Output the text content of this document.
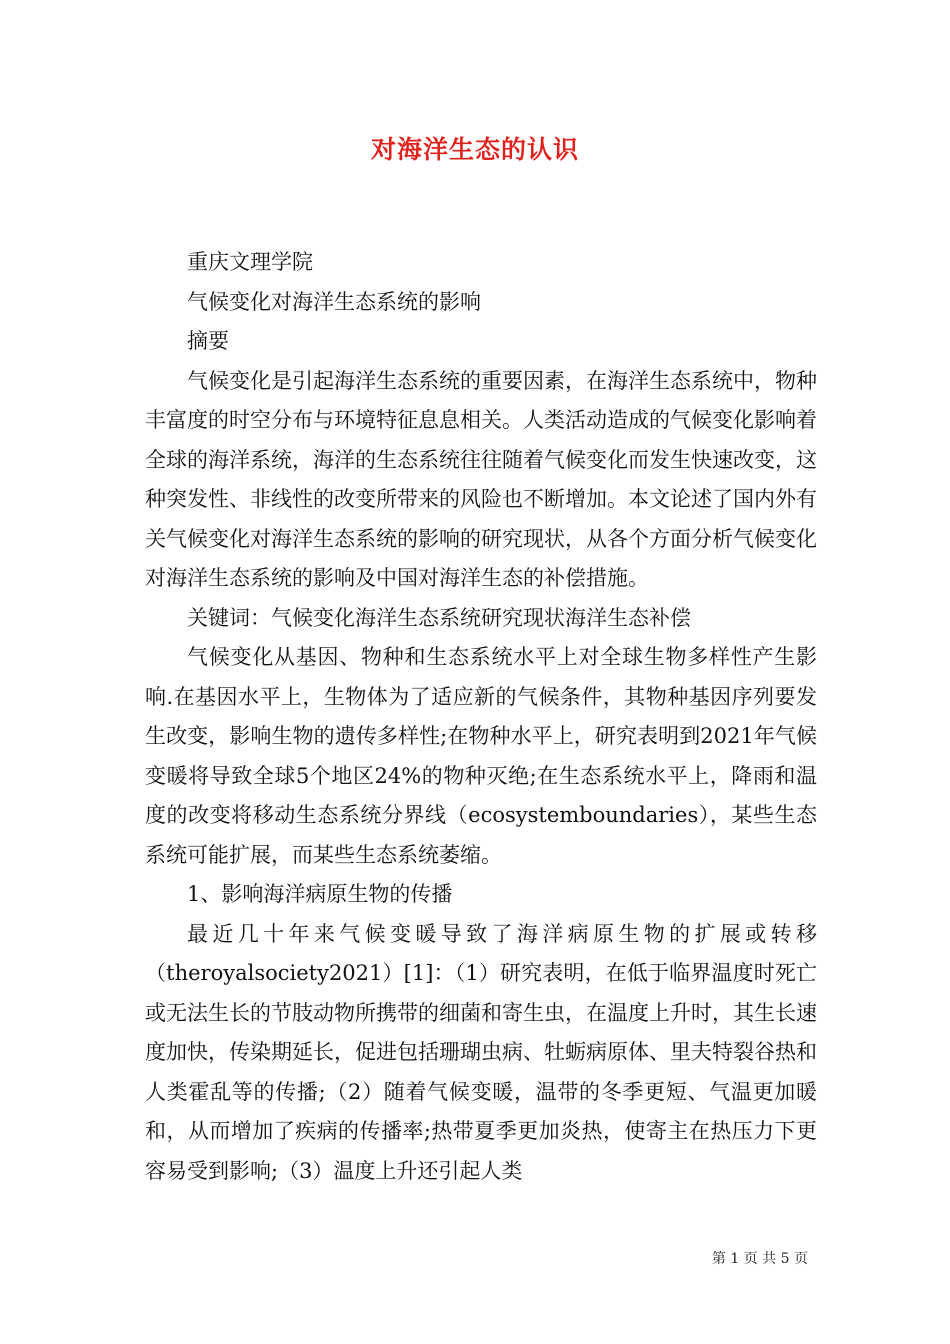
对海洋生态的认识

重庆文理学院

气候变化对海洋生态系统的影响

摘要

气候变化是引起海洋生态系统的重要因素，在海洋生态系统中，物种丰富度的时空分布与环境特征息息相关。人类活动造成的气候变化影响着全球的海洋系统，海洋的生态系统往往随着气候变化而发生快速改变，这种突发性、非线性的改变所带来的风险也不断增加。本文论述了国内外有关气候变化对海洋生态系统的影响的研究现状，从各个方面分析气候变化对海洋生态系统的影响及中国对海洋生态的补偿措施。

关键词：气候变化海洋生态系统研究现状海洋生态补偿

气候变化从基因、物种和生态系统水平上对全球生物多样性产生影响.在基因水平上，生物体为了适应新的气候条件，其物种基因序列要发生改变，影响生物的遗传多样性;在物种水平上，研究表明到2021年气候变暖将导致全球5个地区24%的物种灭绝;在生态系统水平上，降雨和温度的改变将移动生态系统分界线（ecosystemboundaries），某些生态系统可能扩展，而某些生态系统萎缩。

1、影响海洋病原生物的传播

最近几十年来气候变暖导致了海洋病原生物的扩展或转移（theroyalsociety2021）[1]：（1）研究表明，在低于临界温度时死亡或无法生长的节肢动物所携带的细菌和寄生虫，在温度上升时，其生长速度加快，传染期延长，促进包括珊瑚虫病、牡蛎病原体、里夫特裂谷热和人类霍乱等的传播;（2）随着气候变暖，温带的冬季更短、气温更加暖和，从而增加了疾病的传播率;热带夏季更加炎热，使寄主在热压力下更容易受到影响;（3）温度上升还引起人类

第 1 页 共 5 页
